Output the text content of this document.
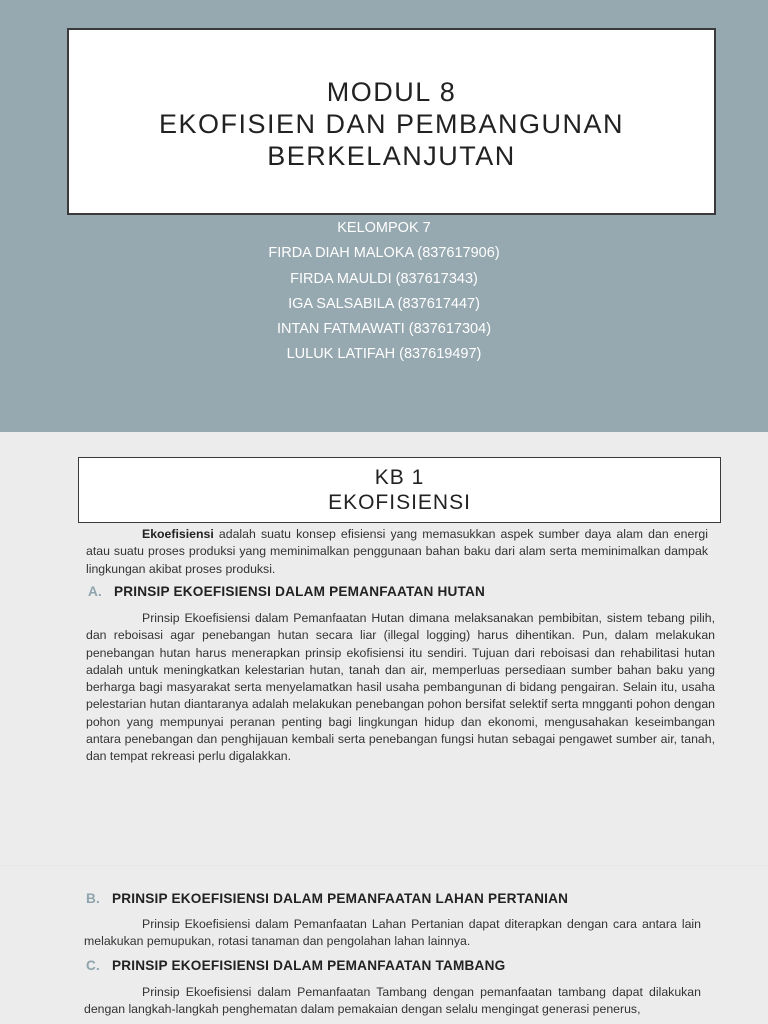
MODUL 8
EKOFISIEN DAN PEMBANGUNAN
BERKELANJUTAN
KELOMPOK 7
FIRDA DIAH MALOKA (837617906)
FIRDA MAULDI (837617343)
IGA SALSABILA (837617447)
INTAN FATMAWATI (837617304)
LULUK LATIFAH (837619497)
KB 1
EKOFISIENSI
Ekoefisiensi adalah suatu konsep efisiensi yang memasukkan aspek sumber daya alam dan energi atau suatu proses produksi yang meminimalkan penggunaan bahan baku dari alam serta meminimalkan dampak lingkungan akibat proses produksi.
A. PRINSIP EKOEFISIENSI DALAM PEMANFAATAN HUTAN
Prinsip Ekoefisiensi dalam Pemanfaatan Hutan dimana melaksanakan pembibitan, sistem tebang pilih, dan reboisasi agar penebangan hutan secara liar (illegal logging) harus dihentikan. Pun, dalam melakukan penebangan hutan harus menerapkan prinsip ekofisiensi itu sendiri. Tujuan dari reboisasi dan rehabilitasi hutan adalah untuk meningkatkan kelestarian hutan, tanah dan air, memperluas persediaan sumber bahan baku yang berharga bagi masyarakat serta menyelamatkan hasil usaha pembangunan di bidang pengairan. Selain itu, usaha pelestarian hutan diantaranya adalah melakukan penebangan pohon bersifat selektif serta mngganti pohon dengan pohon yang mempunyai peranan penting bagi lingkungan hidup dan ekonomi, mengusahakan keseimbangan antara penebangan dan penghijauan kembali serta penebangan fungsi hutan sebagai pengawet sumber air, tanah, dan tempat rekreasi perlu digalakkan.
B. PRINSIP EKOEFISIENSI DALAM PEMANFAATAN LAHAN PERTANIAN
Prinsip Ekoefisiensi dalam Pemanfaatan Lahan Pertanian dapat diterapkan dengan cara antara lain melakukan pemupukan, rotasi tanaman dan pengolahan lahan lainnya.
C. PRINSIP EKOEFISIENSI DALAM PEMANFAATAN TAMBANG
Prinsip Ekoefisiensi dalam Pemanfaatan Tambang dengan pemanfaatan tambang dapat dilakukan dengan langkah-langkah penghematan dalam pemakaian dengan selalu mengingat generasi penerus,
